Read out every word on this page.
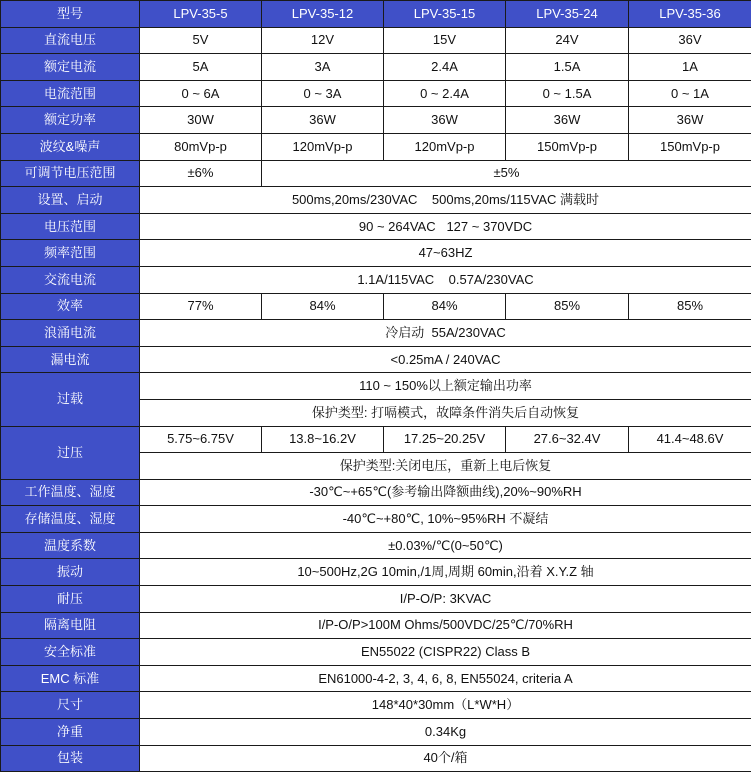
型号	LPV-35-5	LPV-35-12	LPV-35-15	LPV-35-24	LPV-35-36
直流电压	5V	12V	15V	24V	36V
额定电流	5A	3A	2.4A	1.5A	1A
电流范围	0 ~ 6A	0 ~ 3A	0 ~ 2.4A	0 ~ 1.5A	0 ~ 1A
额定功率	30W	36W	36W	36W	36W
波纹&噪声	80mVp-p	120mVp-p	120mVp-p	150mVp-p	150mVp-p
可调节电压范围	±6%	±5%			
设置、启动	500ms,20ms/230VAC    500ms,20ms/115VAC 满载时				
电压范围	90 ~ 264VAC   127 ~ 370VDC				
频率范围	47~63HZ				
交流电流	1.1A/115VAC    0.57A/230VAC				
效率	77%	84%	84%	85%	85%
浪涌电流	冷启动  55A/230VAC				
漏电流	<0.25mA / 240VAC				
过载	110 ~ 150%以上额定输出功率				
	保护类型: 打嗝模式，故障条件消失后自动恢复				
过压	5.75~6.75V	13.8~16.2V	17.25~20.25V	27.6~32.4V	41.4~48.6V
	保护类型:关闭电压，重新上电后恢复				
工作温度、湿度	-30℃~+65℃(参考输出降额曲线),20%~90%RH				
存储温度、湿度	-40℃~+80℃, 10%~95%RH 不凝结				
温度系数	±0.03%/℃(0~50℃)				
振动	10~500Hz,2G 10min,/1周,周期 60min,沿着 X.Y.Z 轴				
耐压	I/P-O/P: 3KVAC				
隔离电阻	I/P-O/P>100M Ohms/500VDC/25℃/70%RH				
安全标准	EN55022 (CISPR22) Class B				
EMC 标准	EN61000-4-2, 3, 4, 6, 8, EN55024, criteria A				
尺寸	148*40*30mm（L*W*H）				
净重	0.34Kg				
包装	40个/箱				
